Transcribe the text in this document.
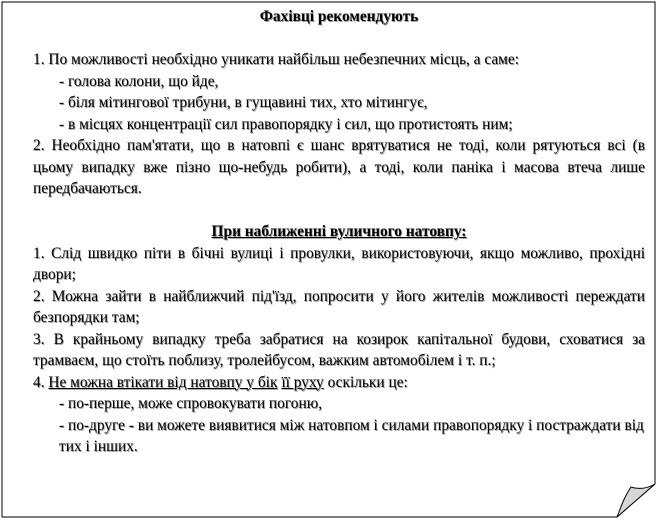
Фахівці рекомендують

1. По можливості необхідно уникати найбільш небезпечних місць, а саме:

- голова колони, що йде,

- біля мітингової трибуни, в гущавині тих, хто мітингує,

- в місцях концентрації сил правопорядку і сил, що протистоять ним;

2. Необхідно пам'ятати, що в натовпі є шанс врятуватися не тоді, коли рятуються всі (в цьому випадку вже пізно що-небудь робити), а тоді, коли паніка і масова втеча лише передбачаються.

При наближенні вуличного натовпу:

1. Слід швидко піти в бічні вулиці і провулки, використовуючи, якщо можливо, прохідні двори;

2. Можна зайти в найближчий під'їзд, попросити у його жителів можливості переждати безпорядки там;

3. В крайньому випадку треба забратися на козирок капітальної будови, сховатися за трамваєм, що стоїть поблизу, тролейбусом, важким автомобілем і т. п.;

4. Не можна втікати від натовпу у бік її руху оскільки це:

- по-перше, може спровокувати погоню,

- по-друге - ви можете виявитися між натовпом і силами правопорядку і постраждати від тих і інших.
